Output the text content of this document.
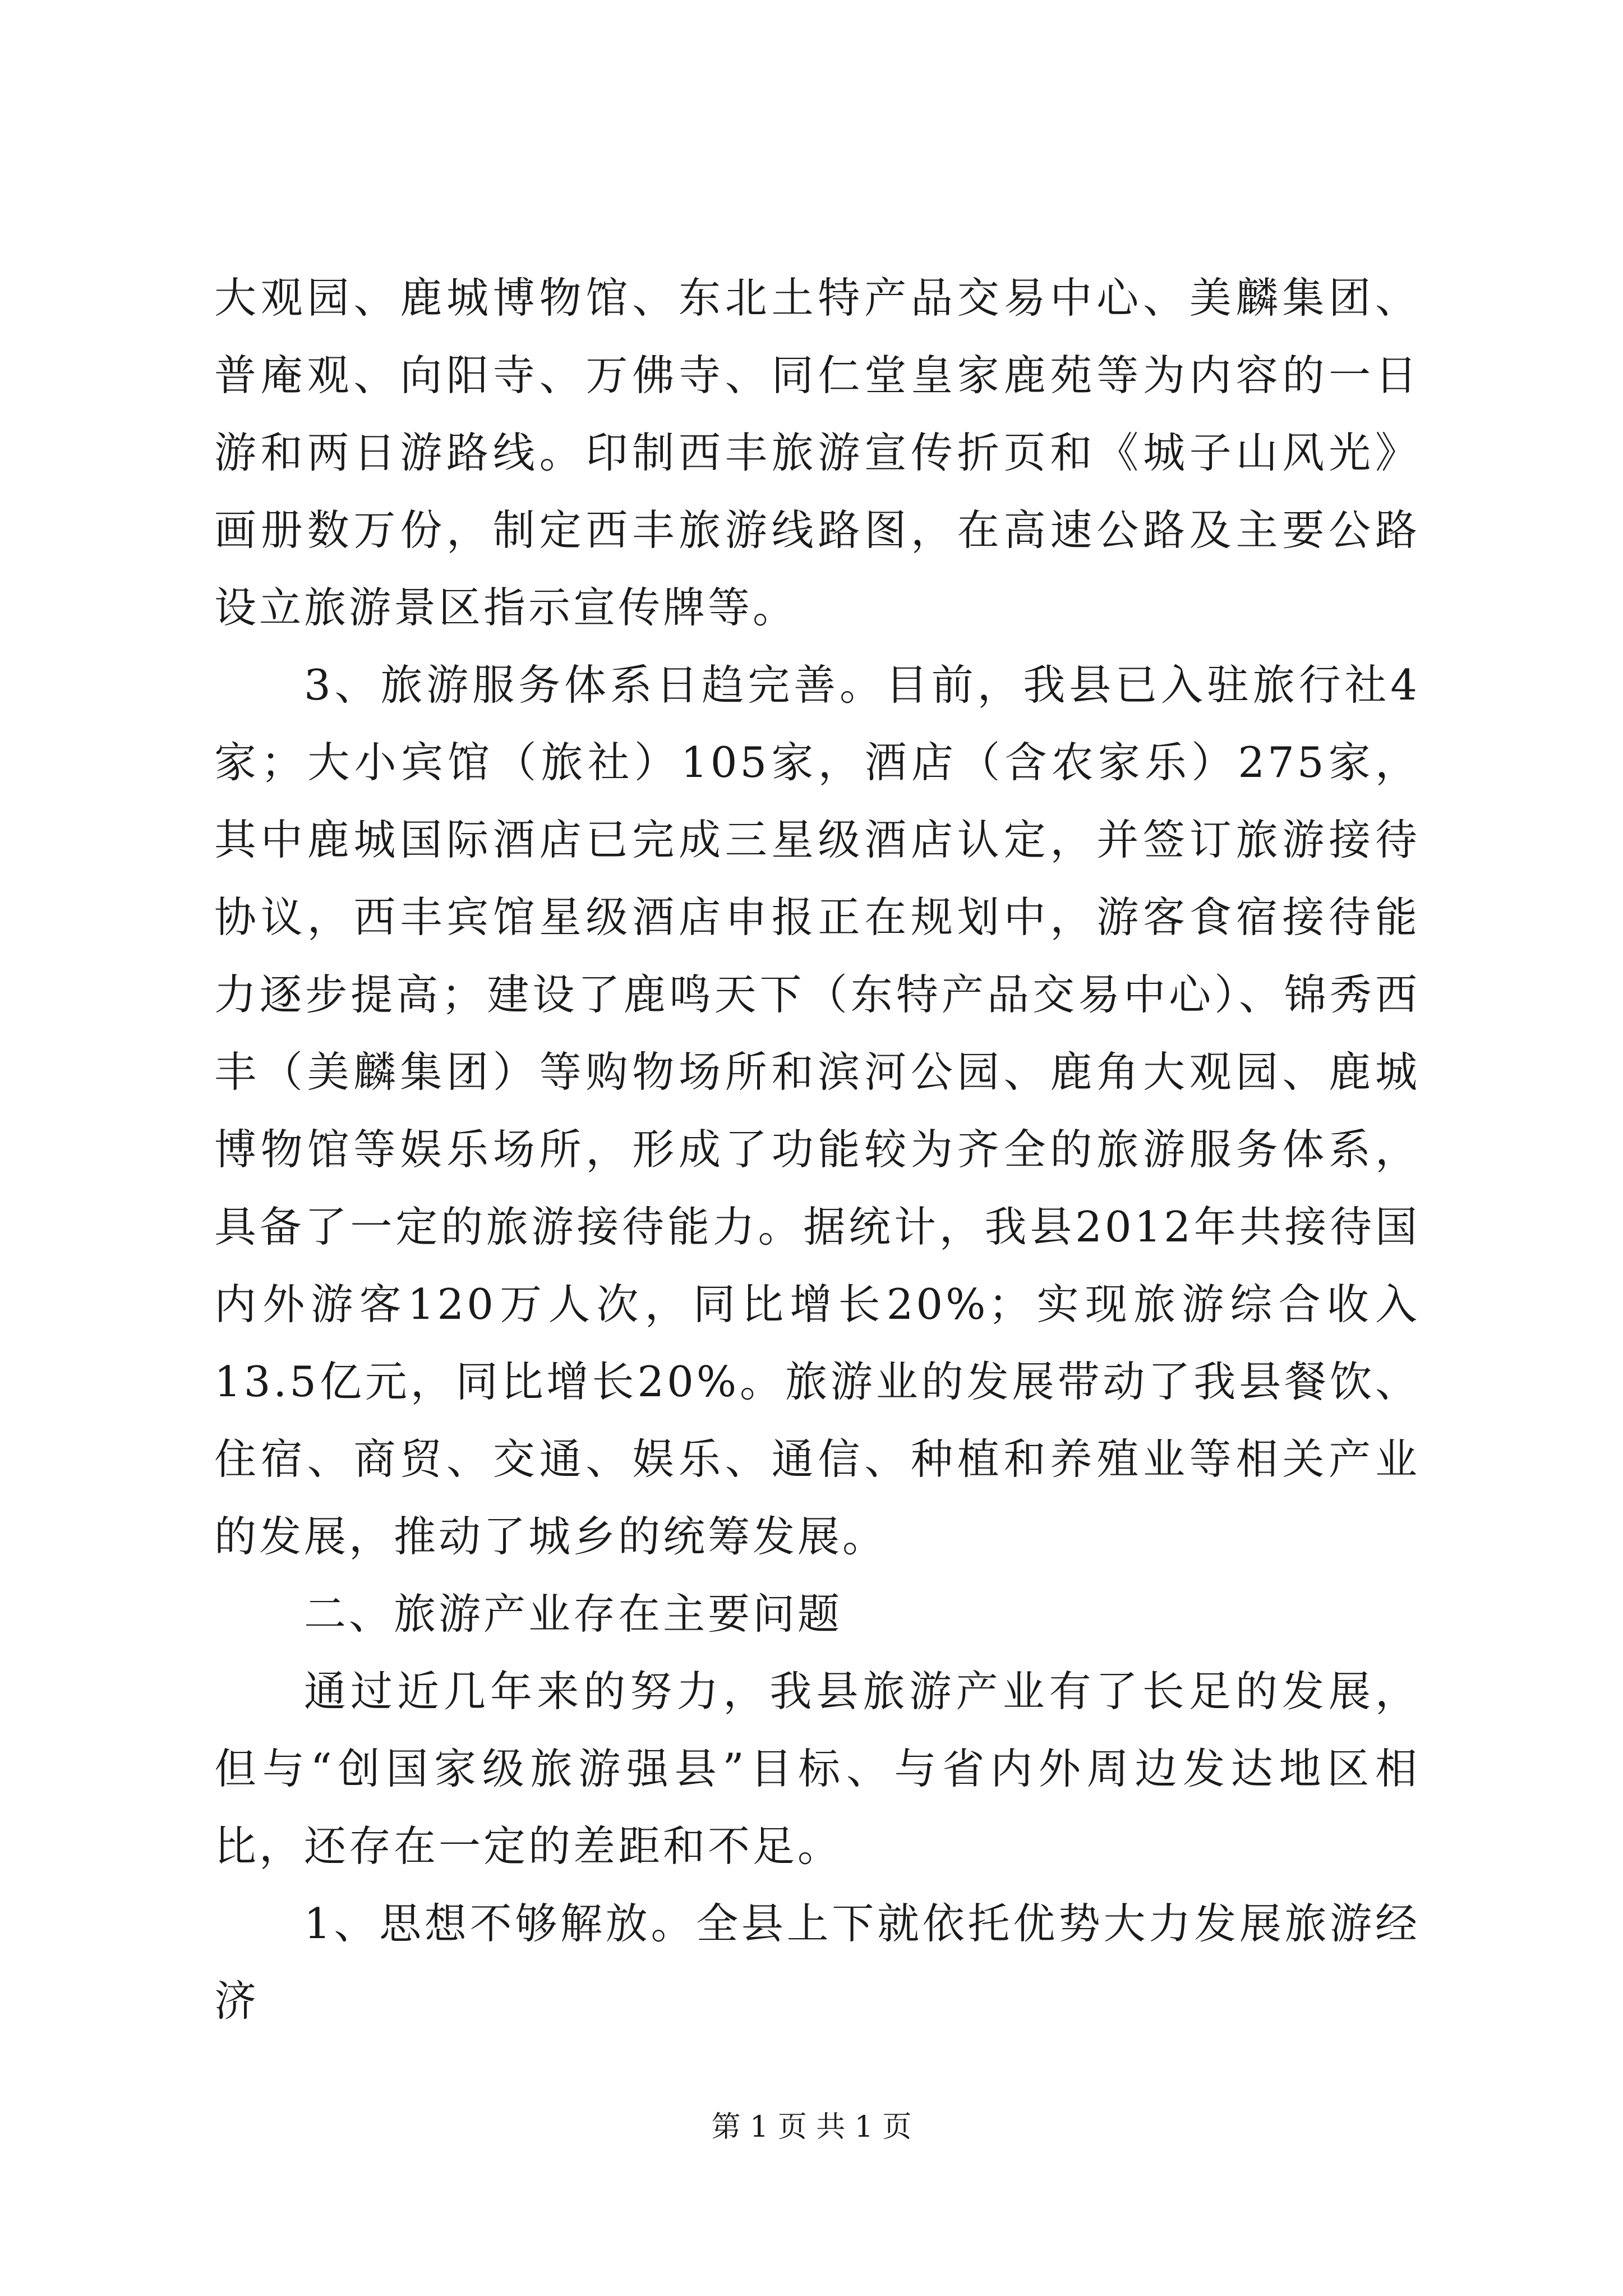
大观园、鹿城博物馆、东北土特产品交易中心、美麟集团、普庵观、向阳寺、万佛寺、同仁堂皇家鹿苑等为内容的一日游和两日游路线。印制西丰旅游宣传折页和《城子山风光》画册数万份，制定西丰旅游线路图，在高速公路及主要公路设立旅游景区指示宣传牌等。

3、旅游服务体系日趋完善。目前，我县已入驻旅行社4家；大小宾馆（旅社）105家，酒店（含农家乐）275家，其中鹿城国际酒店已完成三星级酒店认定，并签订旅游接待协议，西丰宾馆星级酒店申报正在规划中，游客食宿接待能力逐步提高；建设了鹿鸣天下（东特产品交易中心）、锦秀西丰（美麟集团）等购物场所和滨河公园、鹿角大观园、鹿城博物馆等娱乐场所，形成了功能较为齐全的旅游服务体系，具备了一定的旅游接待能力。据统计，我县2012年共接待国内外游客120万人次，同比增长20%；实现旅游综合收入13.5亿元，同比增长20%。旅游业的发展带动了我县餐饮、住宿、商贸、交通、娱乐、通信、种植和养殖业等相关产业的发展，推动了城乡的统筹发展。

二、旅游产业存在主要问题

通过近几年来的努力，我县旅游产业有了长足的发展，但与“创国家级旅游强县”目标、与省内外周边发达地区相比，还存在一定的差距和不足。

1、思想不够解放。全县上下就依托优势大力发展旅游经济

第 1 页 共 1 页
